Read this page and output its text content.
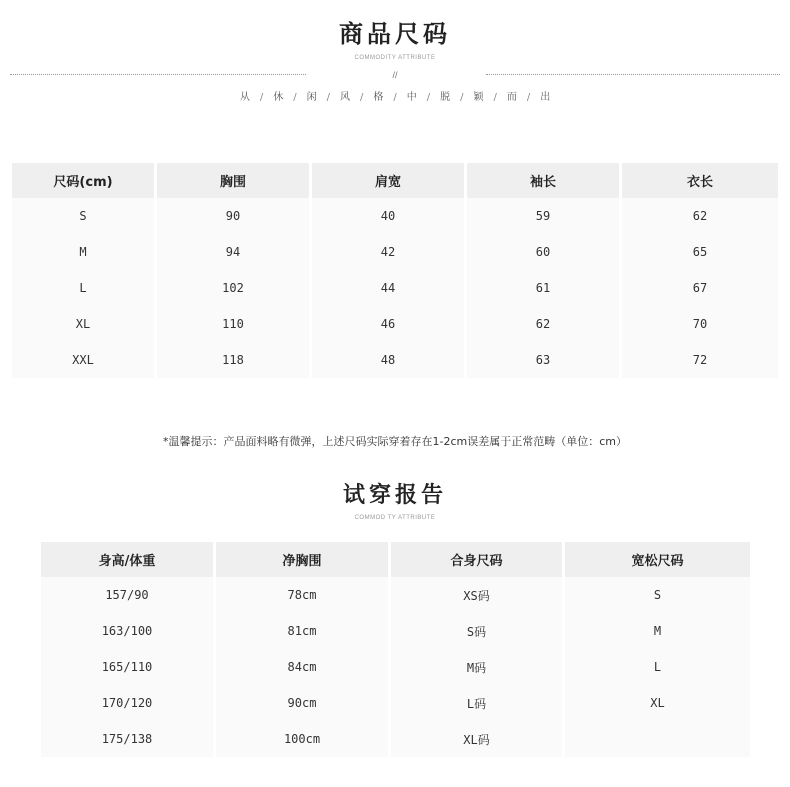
商品尺码
COMMODITY ATTRIBUTE
//
从 / 休 / 闲 / 风 / 格 / 中 / 脱 / 颖 / 而 / 出
尺码(cm)	胸围	肩宽	袖长	衣长
S	90	40	59	62
M	94	42	60	65
L	102	44	61	67
XL	110	46	62	70
XXL	118	48	63	72
*温馨提示：产品面料略有微弹，上述尺码实际穿着存在1-2cm误差属于正常范畴（单位：cm）
试穿报告
COMMOD TY ATTRIBUTE
身高/体重	净胸围	合身尺码	宽松尺码
157/90	78cm	XS码	S
163/100	81cm	S码	M
165/110	84cm	M码	L
170/120	90cm	L码	XL
175/138	100cm	XL码	
